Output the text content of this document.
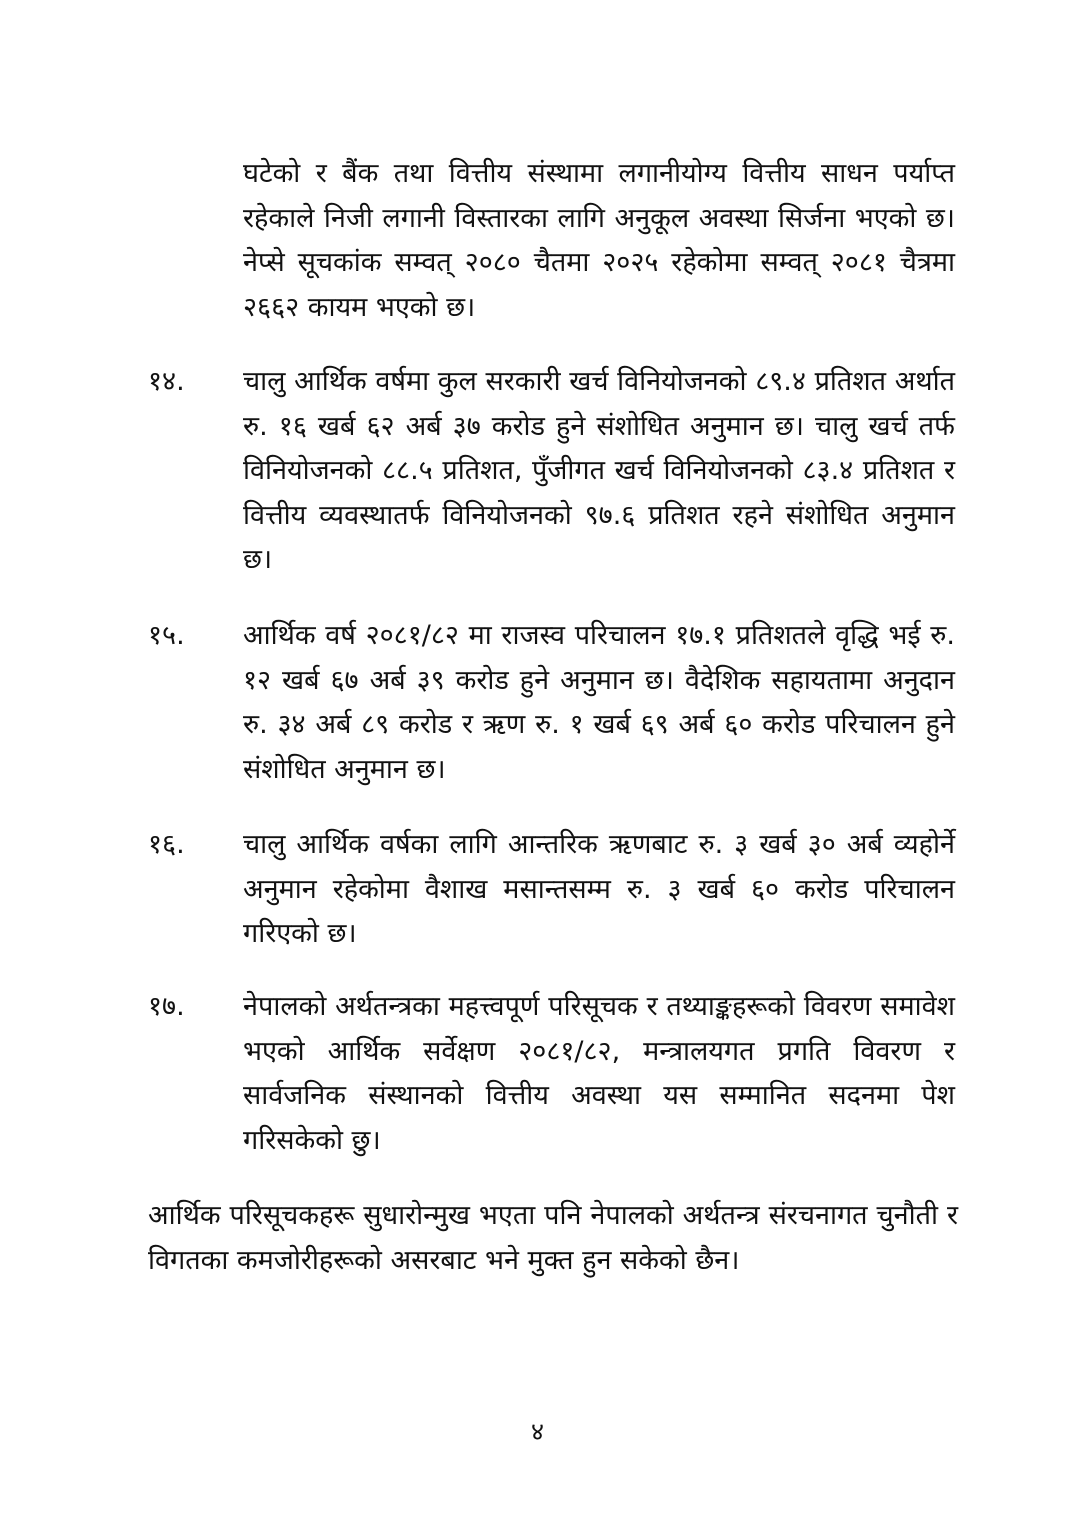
घटेको र बैंक तथा वित्तीय संस्थामा लगानीयोग्य वित्तीय साधन पर्याप्त रहेकाले निजी लगानी विस्तारका लागि अनुकूल अवस्था सिर्जना भएको छ। नेप्से सूचकांक सम्वत् २०८० चैतमा २०२५ रहेकोमा सम्वत् २०८१ चैत्रमा २६६२ कायम भएको छ।

१४. चालु आर्थिक वर्षमा कुल सरकारी खर्च विनियोजनको ८९.४ प्रतिशत अर्थात रु. १६ खर्ब ६२ अर्ब ३७ करोड हुने संशोधित अनुमान छ। चालु खर्च तर्फ विनियोजनको ८८.५ प्रतिशत, पुँजीगत खर्च विनियोजनको ८३.४ प्रतिशत र वित्तीय व्यवस्थातर्फ विनियोजनको ९७.६ प्रतिशत रहने संशोधित अनुमान छ।

१५. आर्थिक वर्ष २०८१/८२ मा राजस्व परिचालन १७.१ प्रतिशतले वृद्धि भई रु. १२ खर्ब ६७ अर्ब ३९ करोड हुने अनुमान छ। वैदेशिक सहायतामा अनुदान रु. ३४ अर्ब ८९ करोड र ऋण रु. १ खर्ब ६९ अर्ब ६० करोड परिचालन हुने संशोधित अनुमान छ।

१६. चालु आर्थिक वर्षका लागि आन्तरिक ऋणबाट रु. ३ खर्ब ३० अर्ब व्यहोर्ने अनुमान रहेकोमा वैशाख मसान्तसम्म रु. ३ खर्ब ६० करोड परिचालन गरिएको छ।

१७. नेपालको अर्थतन्त्रका महत्त्वपूर्ण परिसूचक र तथ्याङ्कहरूको विवरण समावेश भएको आर्थिक सर्वेक्षण २०८१/८२, मन्त्रालयगत प्रगति विवरण र सार्वजनिक संस्थानको वित्तीय अवस्था यस सम्मानित सदनमा पेश गरिसकेको छु।

आर्थिक परिसूचकहरू सुधारोन्मुख भएता पनि नेपालको अर्थतन्त्र संरचनागत चुनौती र विगतका कमजोरीहरूको असरबाट भने मुक्त हुन सकेको छैन।

४
